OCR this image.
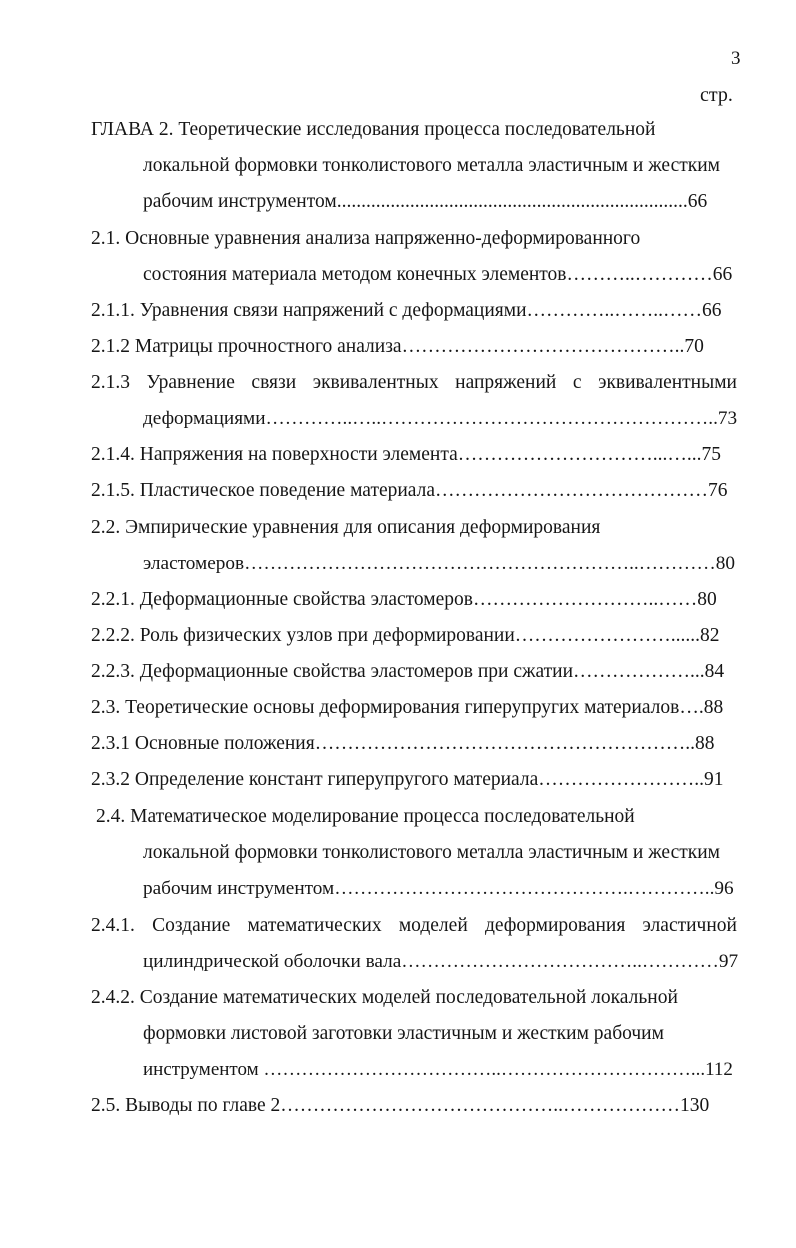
3
стр.
ГЛАВА 2. Теоретические исследования процесса последовательной
локальной формовки тонколистового металла эластичным и жестким
рабочим инструментом........................................................................66
2.1. Основные уравнения анализа напряженно-деформированного
состояния материала методом конечных элементов………..…………66
2.1.1. Уравнения связи напряжений с деформациями…………..……..……66
2.1.2 Матрицы прочностного анализа……………………………………..70
2.1.3 Уравнение связи эквивалентных напряжений с эквивалентными
деформациями…………..…..……………………………………………..73
2.1.4. Напряжения на поверхности элемента…………………………...…...75
2.1.5. Пластическое поведение материала……………………………………76
2.2. Эмпирические уравнения для описания деформирования
эластомеров……………………………………………………..…………80
2.2.1. Деформационные свойства эластомеров………………………..……80
2.2.2. Роль физических узлов при деформировании……………………......82
2.2.3. Деформационные свойства эластомеров при сжатии………………...84
2.3. Теоретические основы деформирования гиперупругих материалов….88
2.3.1 Основные положения…………………………………………………..88
2.3.2 Определение констант гиперупругого материала……………………..91
2.4. Математическое моделирование процесса последовательной
локальной формовки тонколистового металла эластичным и жестким
рабочим инструментом……………………………………….…………..96
2.4.1. Создание математических моделей деформирования эластичной
цилиндрической оболочки вала………………………………..…………97
2.4.2. Создание математических моделей последовательной локальной
формовки листовой заготовки эластичным и жестким рабочим
инструментом ………………………………..…………………………...112
2.5. Выводы по главе 2……………………………………..………………130
